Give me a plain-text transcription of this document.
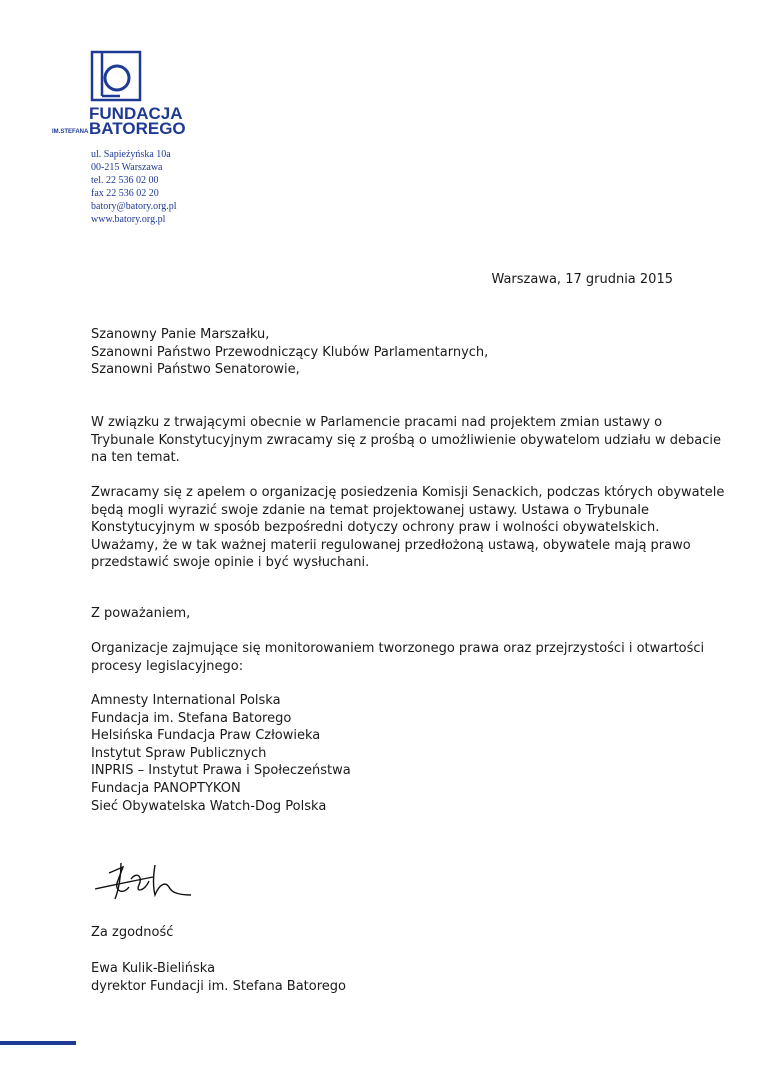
FUNDACJA
IM.STEFANA BATOREGO
ul. Sapieżyńska 10a
00-215 Warszawa
tel. 22 536 02 00
fax 22 536 02 20
batory@batory.org.pl
www.batory.org.pl
Warszawa, 17 grudnia 2015
Szanowny Panie Marszałku,
Szanowni Państwo Przewodniczący Klubów Parlamentarnych,
Szanowni Państwo Senatorowie,
W związku z trwającymi obecnie w Parlamencie pracami nad projektem zmian ustawy o
Trybunale Konstytucyjnym zwracamy się z prośbą o umożliwienie obywatelom udziału w debacie
na ten temat.
Zwracamy się z apelem o organizację posiedzenia Komisji Senackich, podczas których obywatele
będą mogli wyrazić swoje zdanie na temat projektowanej ustawy. Ustawa o Trybunale
Konstytucyjnym w sposób bezpośredni dotyczy ochrony praw i wolności obywatelskich.
Uważamy, że w tak ważnej materii regulowanej przedłożoną ustawą, obywatele mają prawo
przedstawić swoje opinie i być wysłuchani.
Z poważaniem,
Organizacje zajmujące się monitorowaniem tworzonego prawa oraz przejrzystości i otwartości
procesy legislacyjnego:
Amnesty International Polska
Fundacja im. Stefana Batorego
Helsińska Fundacja Praw Człowieka
Instytut Spraw Publicznych
INPRIS – Instytut Prawa i Społeczeństwa
Fundacja PANOPTYKON
Sieć Obywatelska Watch-Dog Polska
Za zgodność
Ewa Kulik-Bielińska
dyrektor Fundacji im. Stefana Batorego
